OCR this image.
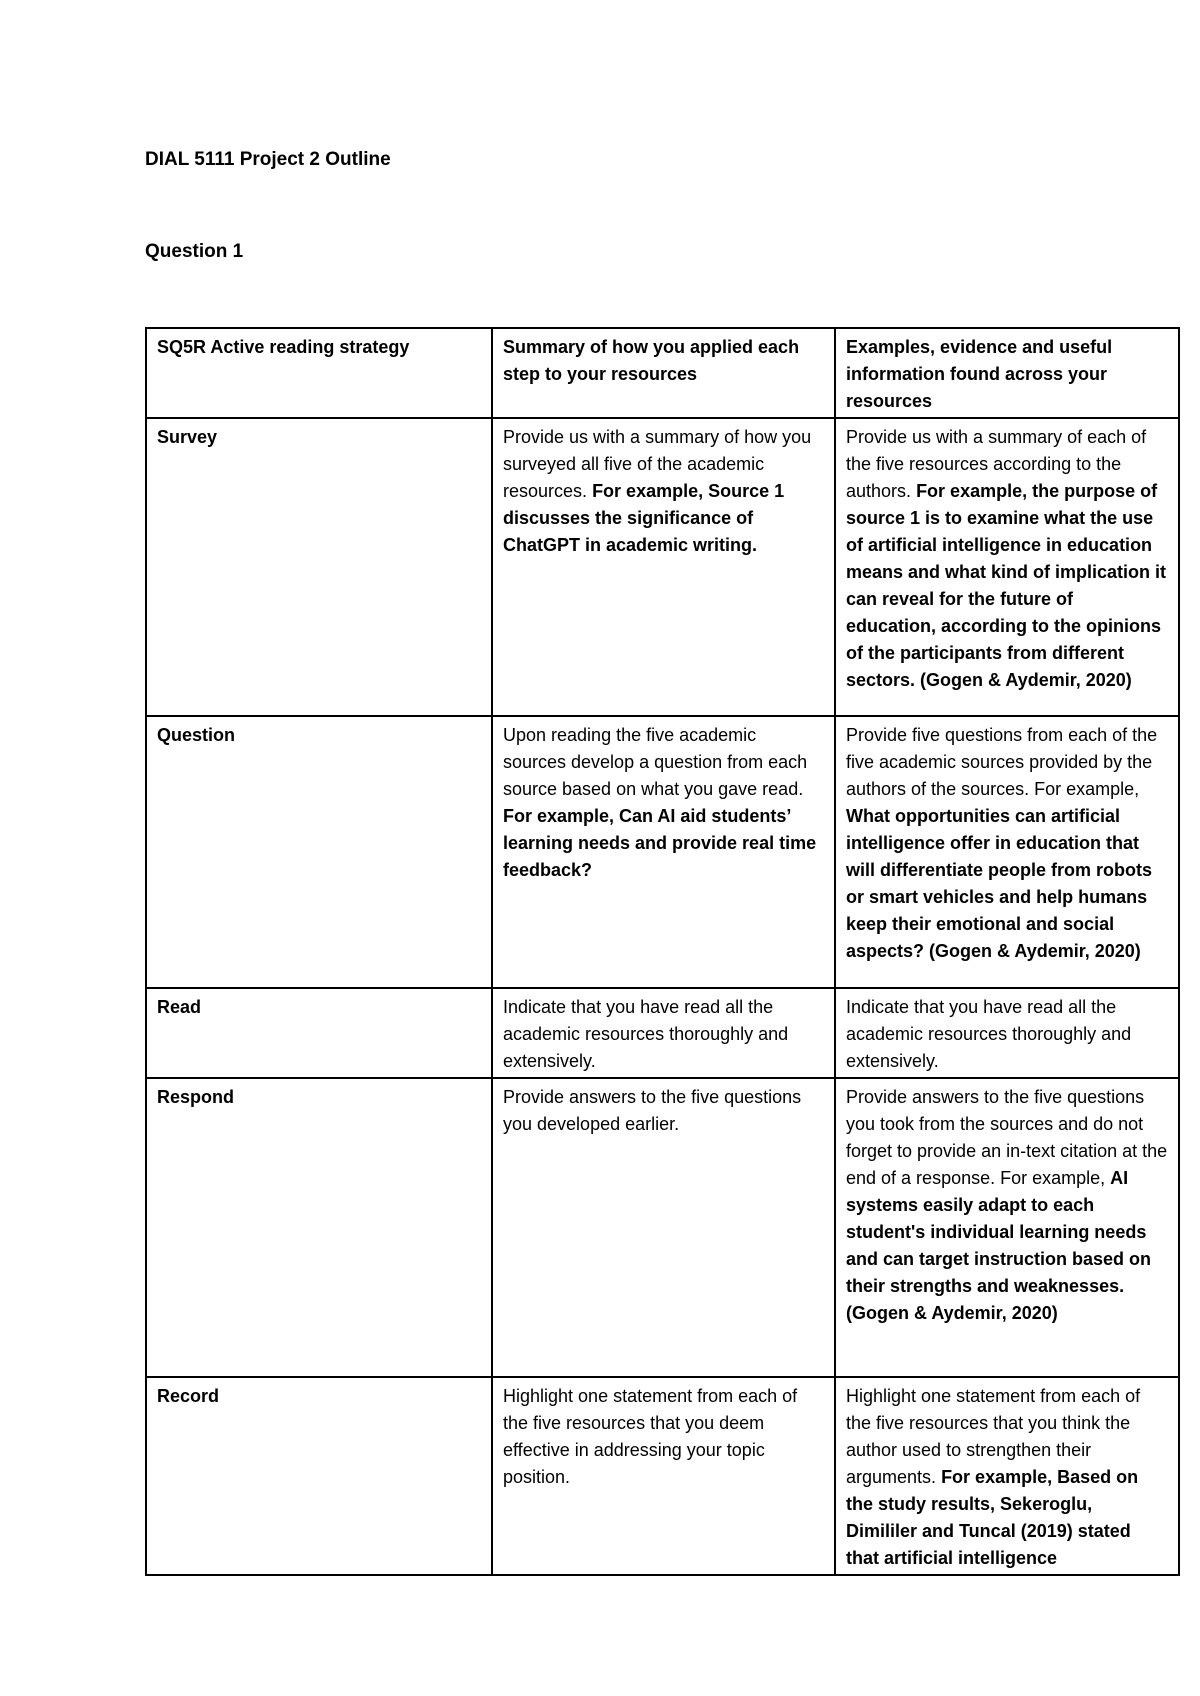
DIAL 5111 Project 2 Outline
Question 1
SQ5R Active reading strategy	Summary of how you applied each step to your resources	Examples, evidence and useful information found across your resources
Survey	Provide us with a summary of how you surveyed all five of the academic resources. For example, Source 1 discusses the significance of ChatGPT in academic writing.	Provide us with a summary of each of the five resources according to the authors. For example, the purpose of source 1 is to examine what the use of artificial intelligence in education means and what kind of implication it can reveal for the future of education, according to the opinions of the participants from different sectors. (Gogen & Aydemir, 2020)
Question	Upon reading the five academic sources develop a question from each source based on what you gave read. For example, Can AI aid students’ learning needs and provide real time feedback?	Provide five questions from each of the five academic sources provided by the authors of the sources. For example, What opportunities can artificial intelligence offer in education that will differentiate people from robots or smart vehicles and help humans keep their emotional and social aspects? (Gogen & Aydemir, 2020)
Read	Indicate that you have read all the academic resources thoroughly and extensively.	Indicate that you have read all the academic resources thoroughly and extensively.
Respond	Provide answers to the five questions you developed earlier.	Provide answers to the five questions you took from the sources and do not forget to provide an in-text citation at the end of a response. For example, AI systems easily adapt to each student's individual learning needs and can target instruction based on their strengths and weaknesses. (Gogen & Aydemir, 2020)
Record	Highlight one statement from each of the five resources that you deem effective in addressing your topic position.	Highlight one statement from each of the five resources that you think the author used to strengthen their arguments. For example, Based on the study results, Sekeroglu, Dimililer and Tuncal (2019) stated that artificial intelligence
